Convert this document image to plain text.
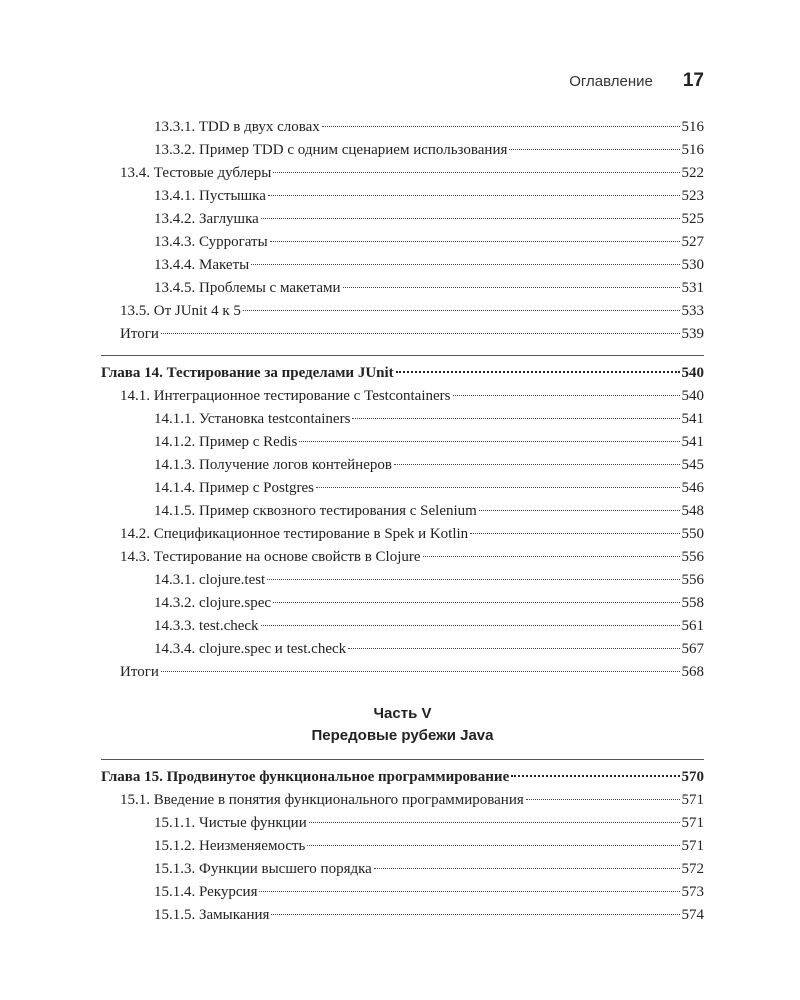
Оглавление 17
13.3.1. TDD в двух словах	516
13.3.2. Пример TDD с одним сценарием использования	516
13.4. Тестовые дублеры	522
13.4.1. Пустышка	523
13.4.2. Заглушка	525
13.4.3. Суррогаты	527
13.4.4. Макеты	530
13.4.5. Проблемы с макетами	531
13.5. От JUnit 4 к 5	533
Итоги	539
Глава 14. Тестирование за пределами JUnit	540
14.1. Интеграционное тестирование с Testcontainers	540
14.1.1. Установка testcontainers	541
14.1.2. Пример с Redis	541
14.1.3. Получение логов контейнеров	545
14.1.4. Пример с Postgres	546
14.1.5. Пример сквозного тестирования с Selenium	548
14.2. Спецификационное тестирование в Spek и Kotlin	550
14.3. Тестирование на основе свойств в Clojure	556
14.3.1. clojure.test	556
14.3.2. clojure.spec	558
14.3.3. test.check	561
14.3.4. clojure.spec и test.check	567
Итоги	568
Часть V
Передовые рубежи Java
Глава 15. Продвинутое функциональное программирование	570
15.1. Введение в понятия функционального программирования	571
15.1.1. Чистые функции	571
15.1.2. Неизменяемость	571
15.1.3. Функции высшего порядка	572
15.1.4. Рекурсия	573
15.1.5. Замыкания	574
